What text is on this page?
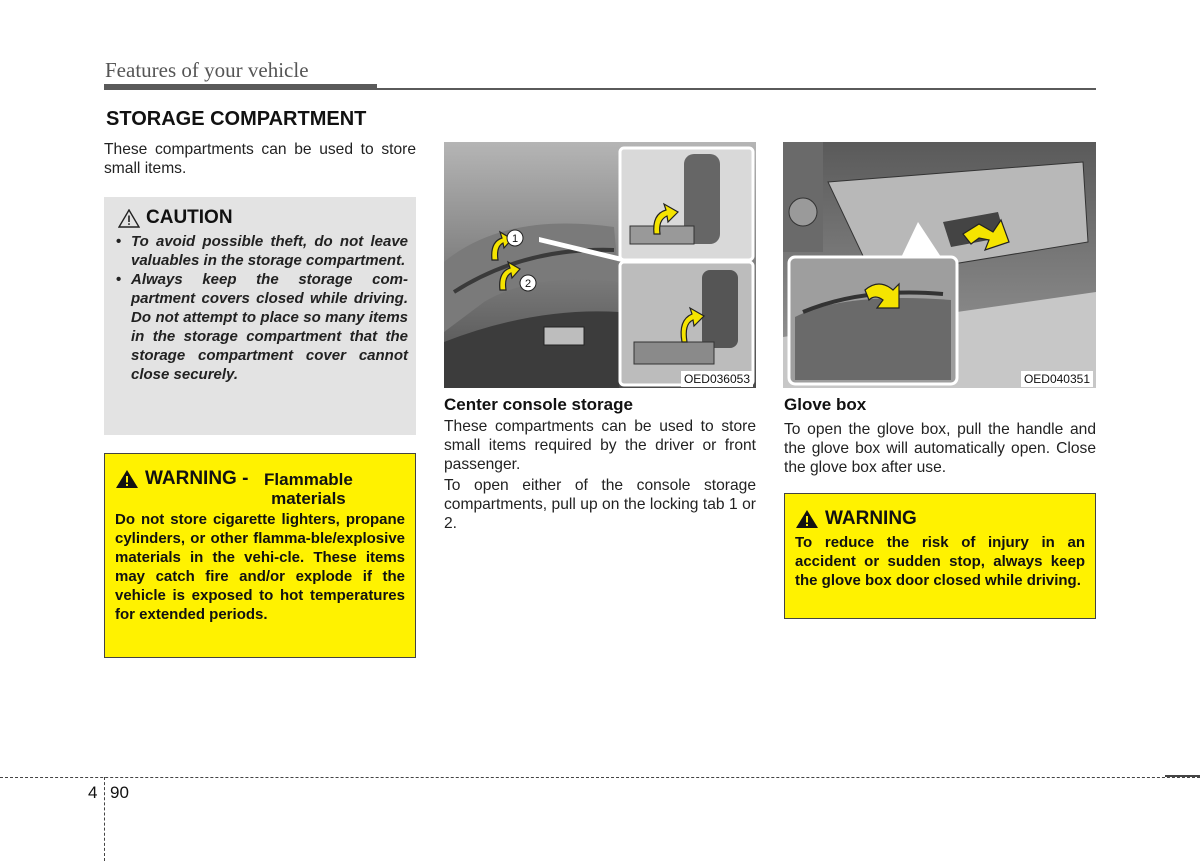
Features of your vehicle
STORAGE COMPARTMENT
These compartments can be used to store small items.
CAUTION
• To avoid possible theft, do not leave valuables in the storage compartment.
• Always keep the storage com-partment covers closed while driving. Do not attempt to place so many items in the storage compartment that the storage compartment cover cannot close securely.
WARNING - Flammable materials
Do not store cigarette lighters, propane cylinders, or other flamma-ble/explosive materials in the vehi-cle. These items may catch fire and/or explode if the vehicle is exposed to hot temperatures for extended periods.
1
2
OED036053
Center console storage
These compartments can be used to store small items required by the driver or front passenger.
To open either of the console storage compartments, pull up on the locking tab 1 or 2.
OED040351
Glove box
To open the glove box, pull the handle and the glove box will automatically open. Close the glove box after use.
WARNING
To reduce the risk of injury in an accident or sudden stop, always keep the glove box door closed while driving.
4 90
